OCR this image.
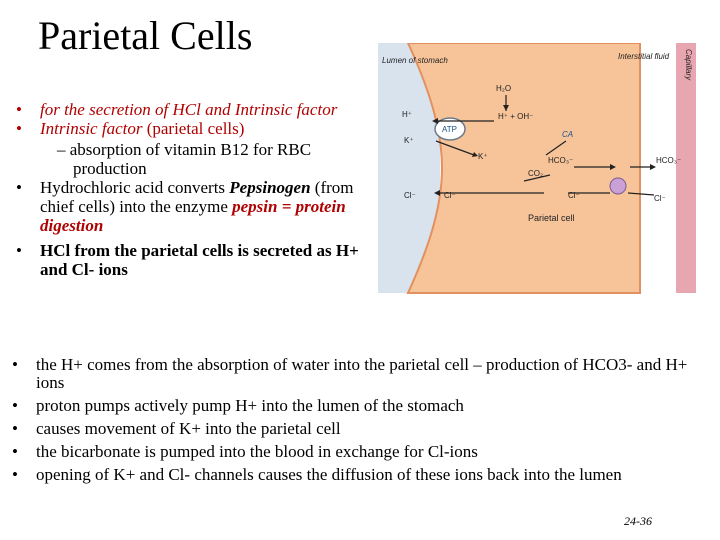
Parietal Cells
•	for the secretion of HCl and Intrinsic factor
•	Intrinsic factor (parietal cells)
– absorption of vitamin B12 for RBC production
•	Hydrochloric acid converts Pepsinogen (from chief cells) into the enzyme pepsin = protein digestion
•	HCl from the parietal cells is secreted as H+ and Cl- ions
Lumen of stomach	Interstitial fluid Capillary
H₂O
H⁺ + OH⁻
ATP
CA
H⁺
K⁺
K⁺	HCO₃⁻
CO₂
HCO₃⁻
Cl⁻	Cl⁻	Cl⁻	Cl⁻
Parietal cell
•	the H+ comes from the absorption of water into the parietal cell – production of HCO3- and H+ ions
•	proton pumps actively pump H+ into the lumen of the stomach
•	causes movement of K+ into the parietal cell
•	the bicarbonate is pumped into the blood in exchange for Cl-ions
•	opening of K+ and Cl- channels causes the diffusion of these ions back into the lumen
24-36
